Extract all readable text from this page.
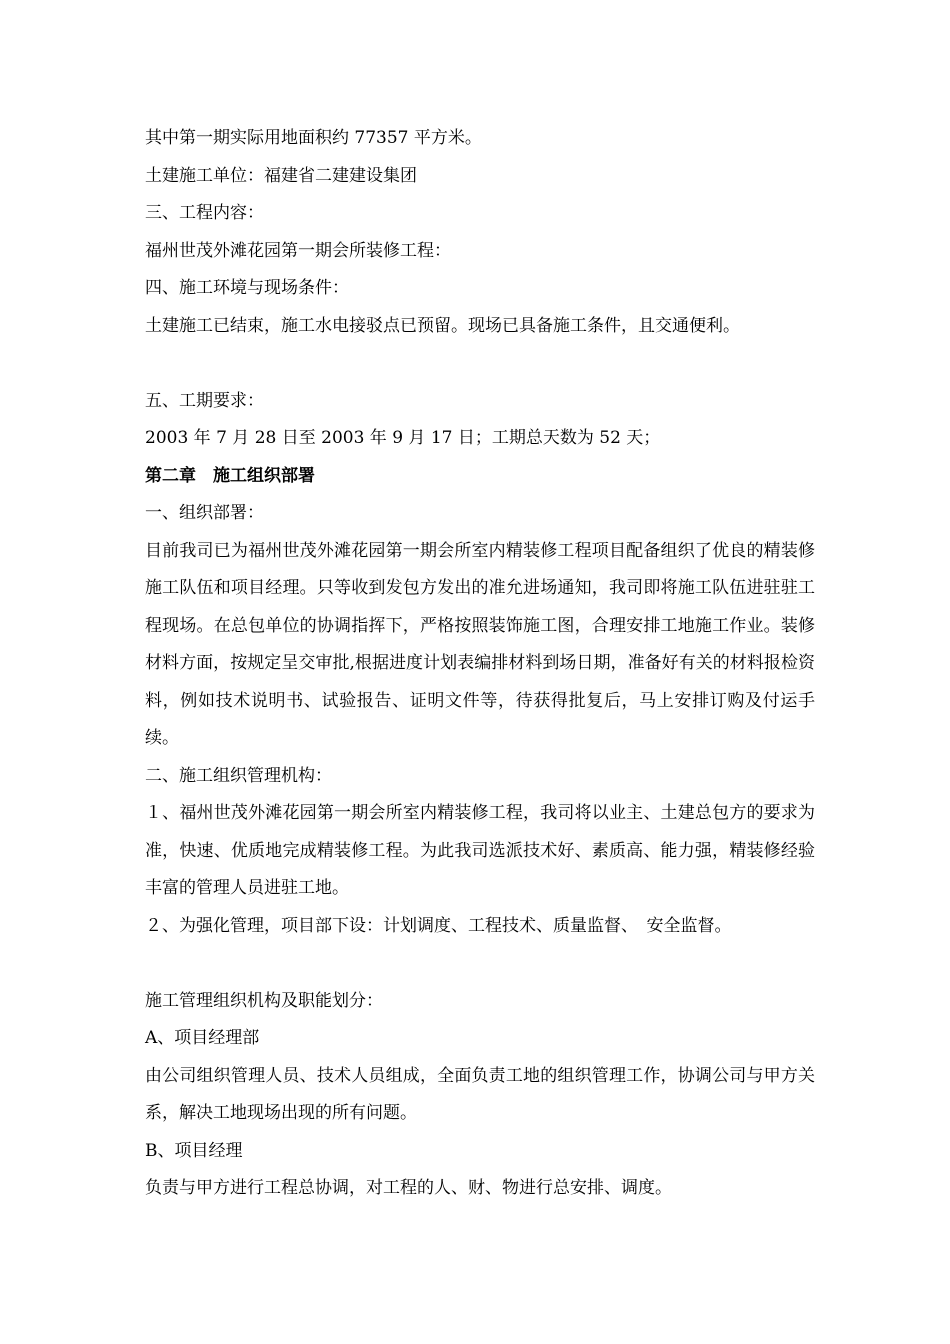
其中第一期实际用地面积约 77357 平方米。

土建施工单位：福建省二建建设集团

三、工程内容：

福州世茂外滩花园第一期会所装修工程：

四、施工环境与现场条件：

土建施工已结束，施工水电接驳点已预留。现场已具备施工条件，且交通便利。

五、工期要求：

2003 年 7 月 28 日至 2003 年 9 月 17 日；工期总天数为 52 天；

第二章　施工组织部署

一、组织部署：

目前我司已为福州世茂外滩花园第一期会所室内精装修工程项目配备组织了优良的精装修施工队伍和项目经理。只等收到发包方发出的准允进场通知，我司即将施工队伍进驻驻工程现场。在总包单位的协调指挥下，严格按照装饰施工图，合理安排工地施工作业。装修材料方面，按规定呈交审批,根据进度计划表编排材料到场日期，准备好有关的材料报检资料，例如技术说明书、试验报告、证明文件等，待获得批复后，马上安排订购及付运手续。

二、施工组织管理机构：

１、福州世茂外滩花园第一期会所室内精装修工程，我司将以业主、土建总包方的要求为准，快速、优质地完成精装修工程。为此我司选派技术好、素质高、能力强，精装修经验丰富的管理人员进驻工地。

２、为强化管理，项目部下设：计划调度、工程技术、质量监督、　安全监督。

施工管理组织机构及职能划分：

A、项目经理部

由公司组织管理人员、技术人员组成，全面负责工地的组织管理工作，协调公司与甲方关系，解决工地现场出现的所有问题。

B、项目经理

负责与甲方进行工程总协调，对工程的人、财、物进行总安排、调度。
